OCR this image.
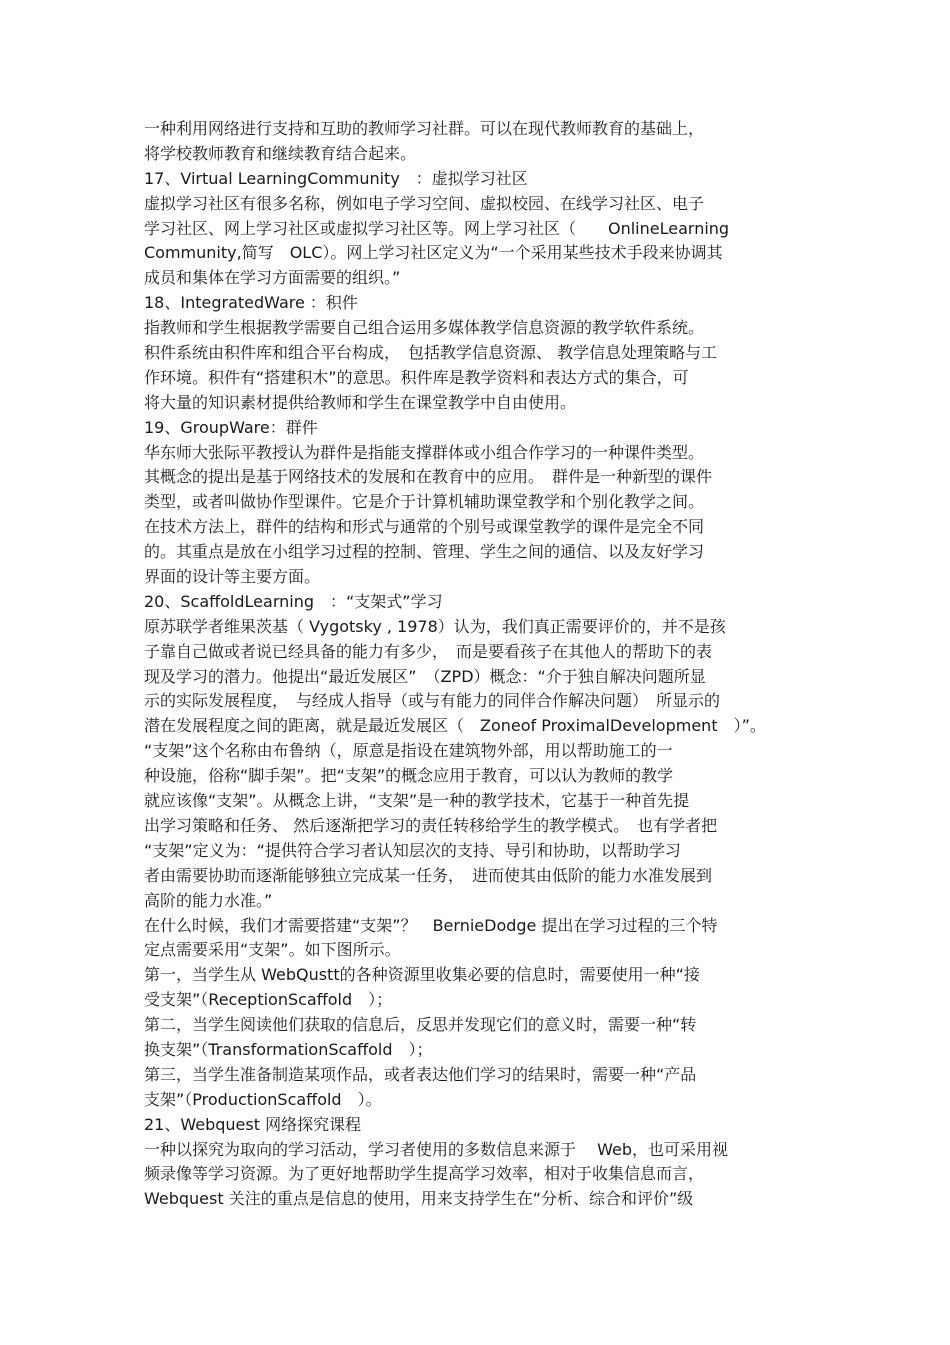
一种利用网络进行支持和互助的教师学习社群。可以在现代教师教育的基础上，
将学校教师教育和继续教育结合起来。
17、Virtual LearningCommunity　：虚拟学习社区
虚拟学习社区有很多名称，例如电子学习空间、虚拟校园、在线学习社区、电子
学习社区、网上学习社区或虚拟学习社区等。网上学习社区（　　OnlineLearning
Community,简写　OLC）。网上学习社区定义为“一个采用某些技术手段来协调其
成员和集体在学习方面需要的组织。”
18、IntegratedWare ：积件
指教师和学生根据教学需要自己组合运用多媒体教学信息资源的教学软件系统。
积件系统由积件库和组合平台构成，　包括教学信息资源、 教学信息处理策略与工
作环境。积件有“搭建积木”的意思。积件库是教学资料和表达方式的集合，可
将大量的知识素材提供给教师和学生在课堂教学中自由使用。
19、GroupWare：群件
华东师大张际平教授认为群件是指能支撑群体或小组合作学习的一种课件类型。
其概念的提出是基于网络技术的发展和在教育中的应用。　群件是一种新型的课件
类型，或者叫做协作型课件。它是介于计算机辅助课堂教学和个别化教学之间。
在技术方法上，群件的结构和形式与通常的个别号或课堂教学的课件是完全不同
的。其重点是放在小组学习过程的控制、管理、学生之间的通信、以及友好学习
界面的设计等主要方面。
20、ScaffoldLearning　：“支架式”学习
原苏联学者维果茨基（ Vygotsky , 1978）认为，我们真正需要评价的，并不是孩
子靠自己做或者说已经具备的能力有多少，　而是要看孩子在其他人的帮助下的表
现及学习的潜力。他提出“最近发展区”　（ZPD）概念：“介于独自解决问题所显
示的实际发展程度，　与经成人指导（或与有能力的同伴合作解决问题）　所显示的
潜在发展程度之间的距离，就是最近发展区（　Zoneof ProximalDevelopment　）”。
“支架”这个名称由布鲁纳（，原意是指设在建筑物外部，用以帮助施工的一
种设施，俗称“脚手架”。把“支架”的概念应用于教育，可以认为教师的教学
就应该像“支架”。从概念上讲，“支架”是一种的教学技术，它基于一种首先提
出学习策略和任务、 然后逐渐把学习的责任转移给学生的教学模式。　也有学者把
“支架”定义为：“提供符合学习者认知层次的支持、导引和协助，以帮助学习
者由需要协助而逐渐能够独立完成某一任务，　进而使其由低阶的能力水准发展到
高阶的能力水准。”
在什么时候，我们才需要搭建“支架”？　BernieDodge 提出在学习过程的三个特
定点需要采用“支架”。如下图所示。
第一，当学生从 WebQustt的各种资源里收集必要的信息时，需要使用一种“接
受支架”（ReceptionScaffold　）；
第二，当学生阅读他们获取的信息后，反思并发现它们的意义时，需要一种“转
换支架”（TransformationScaffold　）；
第三，当学生准备制造某项作品，或者表达他们学习的结果时，需要一种“产品
支架”（ProductionScaffold　）。
21、Webquest 网络探究课程
一种以探究为取向的学习活动，学习者使用的多数信息来源于　 Web，也可采用视
频录像等学习资源。为了更好地帮助学生提高学习效率，相对于收集信息而言，
Webquest 关注的重点是信息的使用，用来支持学生在“分析、综合和评价”级
